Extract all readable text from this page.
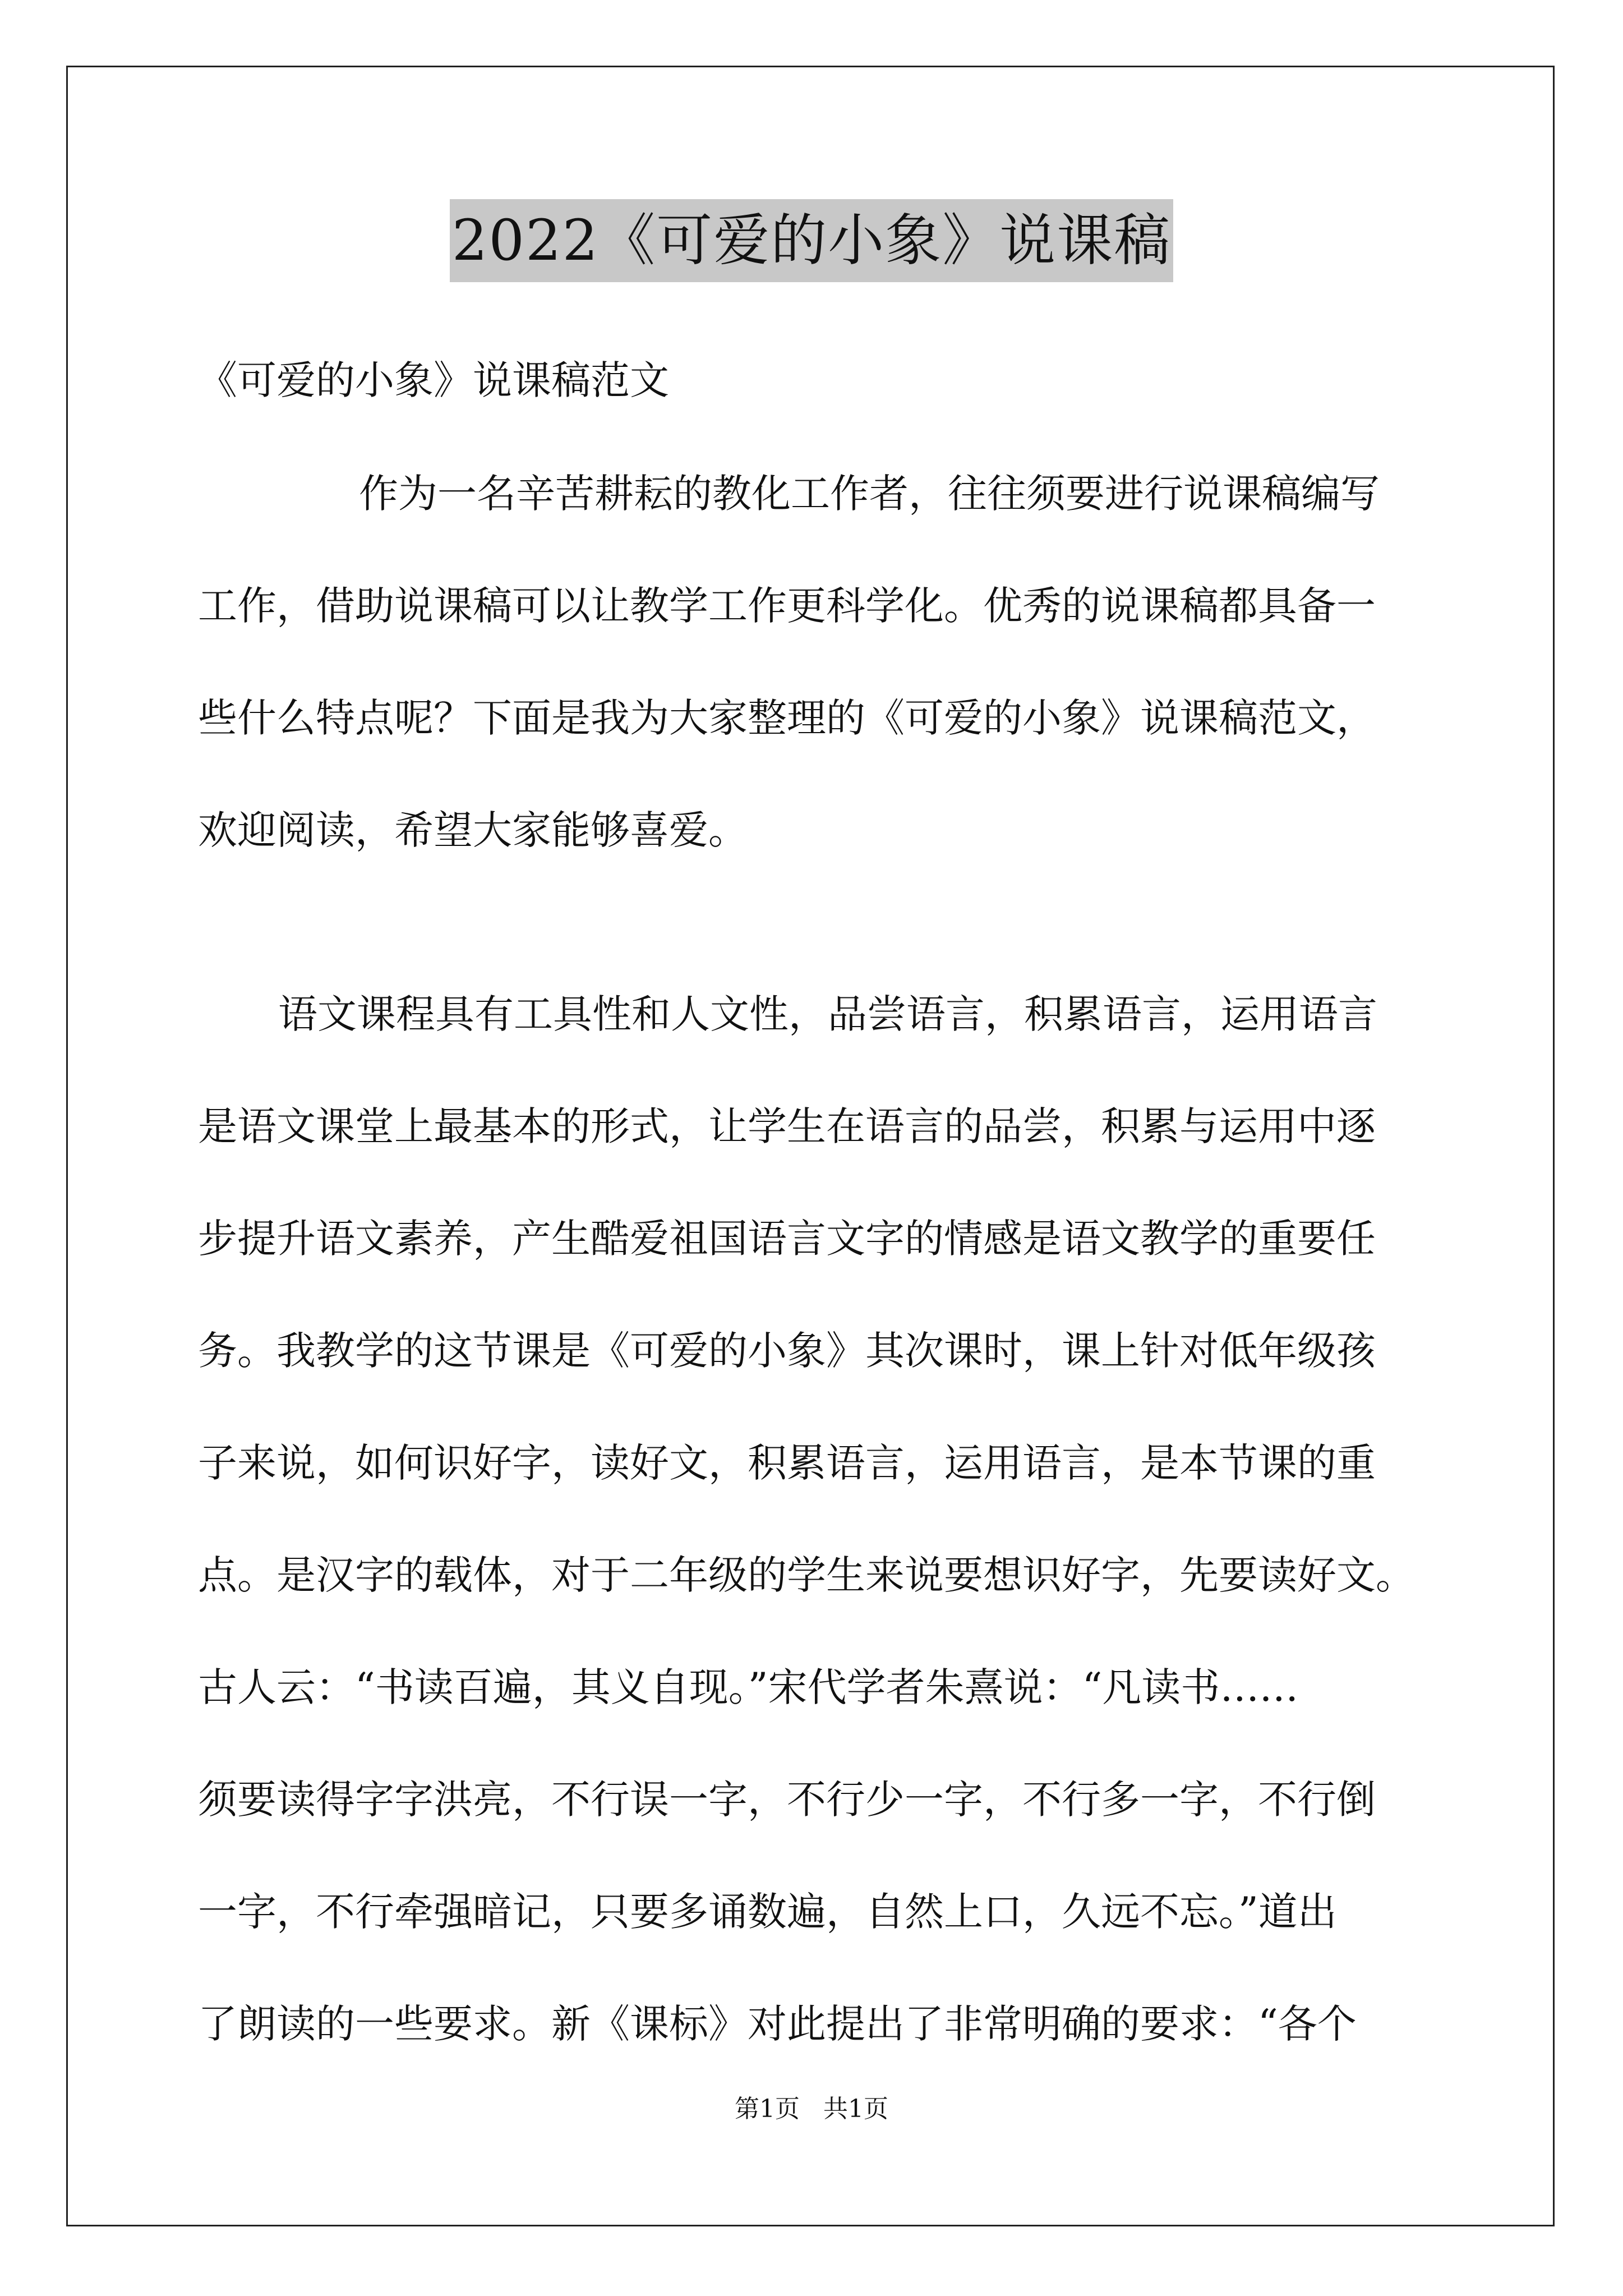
2022《可爱的小象》说课稿
《可爱的小象》说课稿范文
作为一名辛苦耕耘的教化工作者，往往须要进行说课稿编写
工作，借助说课稿可以让教学工作更科学化。优秀的说课稿都具备一
些什么特点呢？下面是我为大家整理的《可爱的小象》说课稿范文，
欢迎阅读，希望大家能够喜爱。
语文课程具有工具性和人文性，品尝语言，积累语言，运用语言
是语文课堂上最基本的形式，让学生在语言的品尝，积累与运用中逐
步提升语文素养，产生酷爱祖国语言文字的情感是语文教学的重要任
务。我教学的这节课是《可爱的小象》其次课时，课上针对低年级孩
子来说，如何识好字，读好文，积累语言，运用语言，是本节课的重
点。是汉字的载体，对于二年级的学生来说要想识好字，先要读好文。
古人云：“书读百遍，其义自现。”宋代学者朱熹说：“凡读书……
须要读得字字洪亮，不行误一字，不行少一字，不行多一字，不行倒
一字，不行牵强暗记，只要多诵数遍，自然上口，久远不忘。”道出
了朗读的一些要求。新《课标》对此提出了非常明确的要求：“各个
第1页   共1页
